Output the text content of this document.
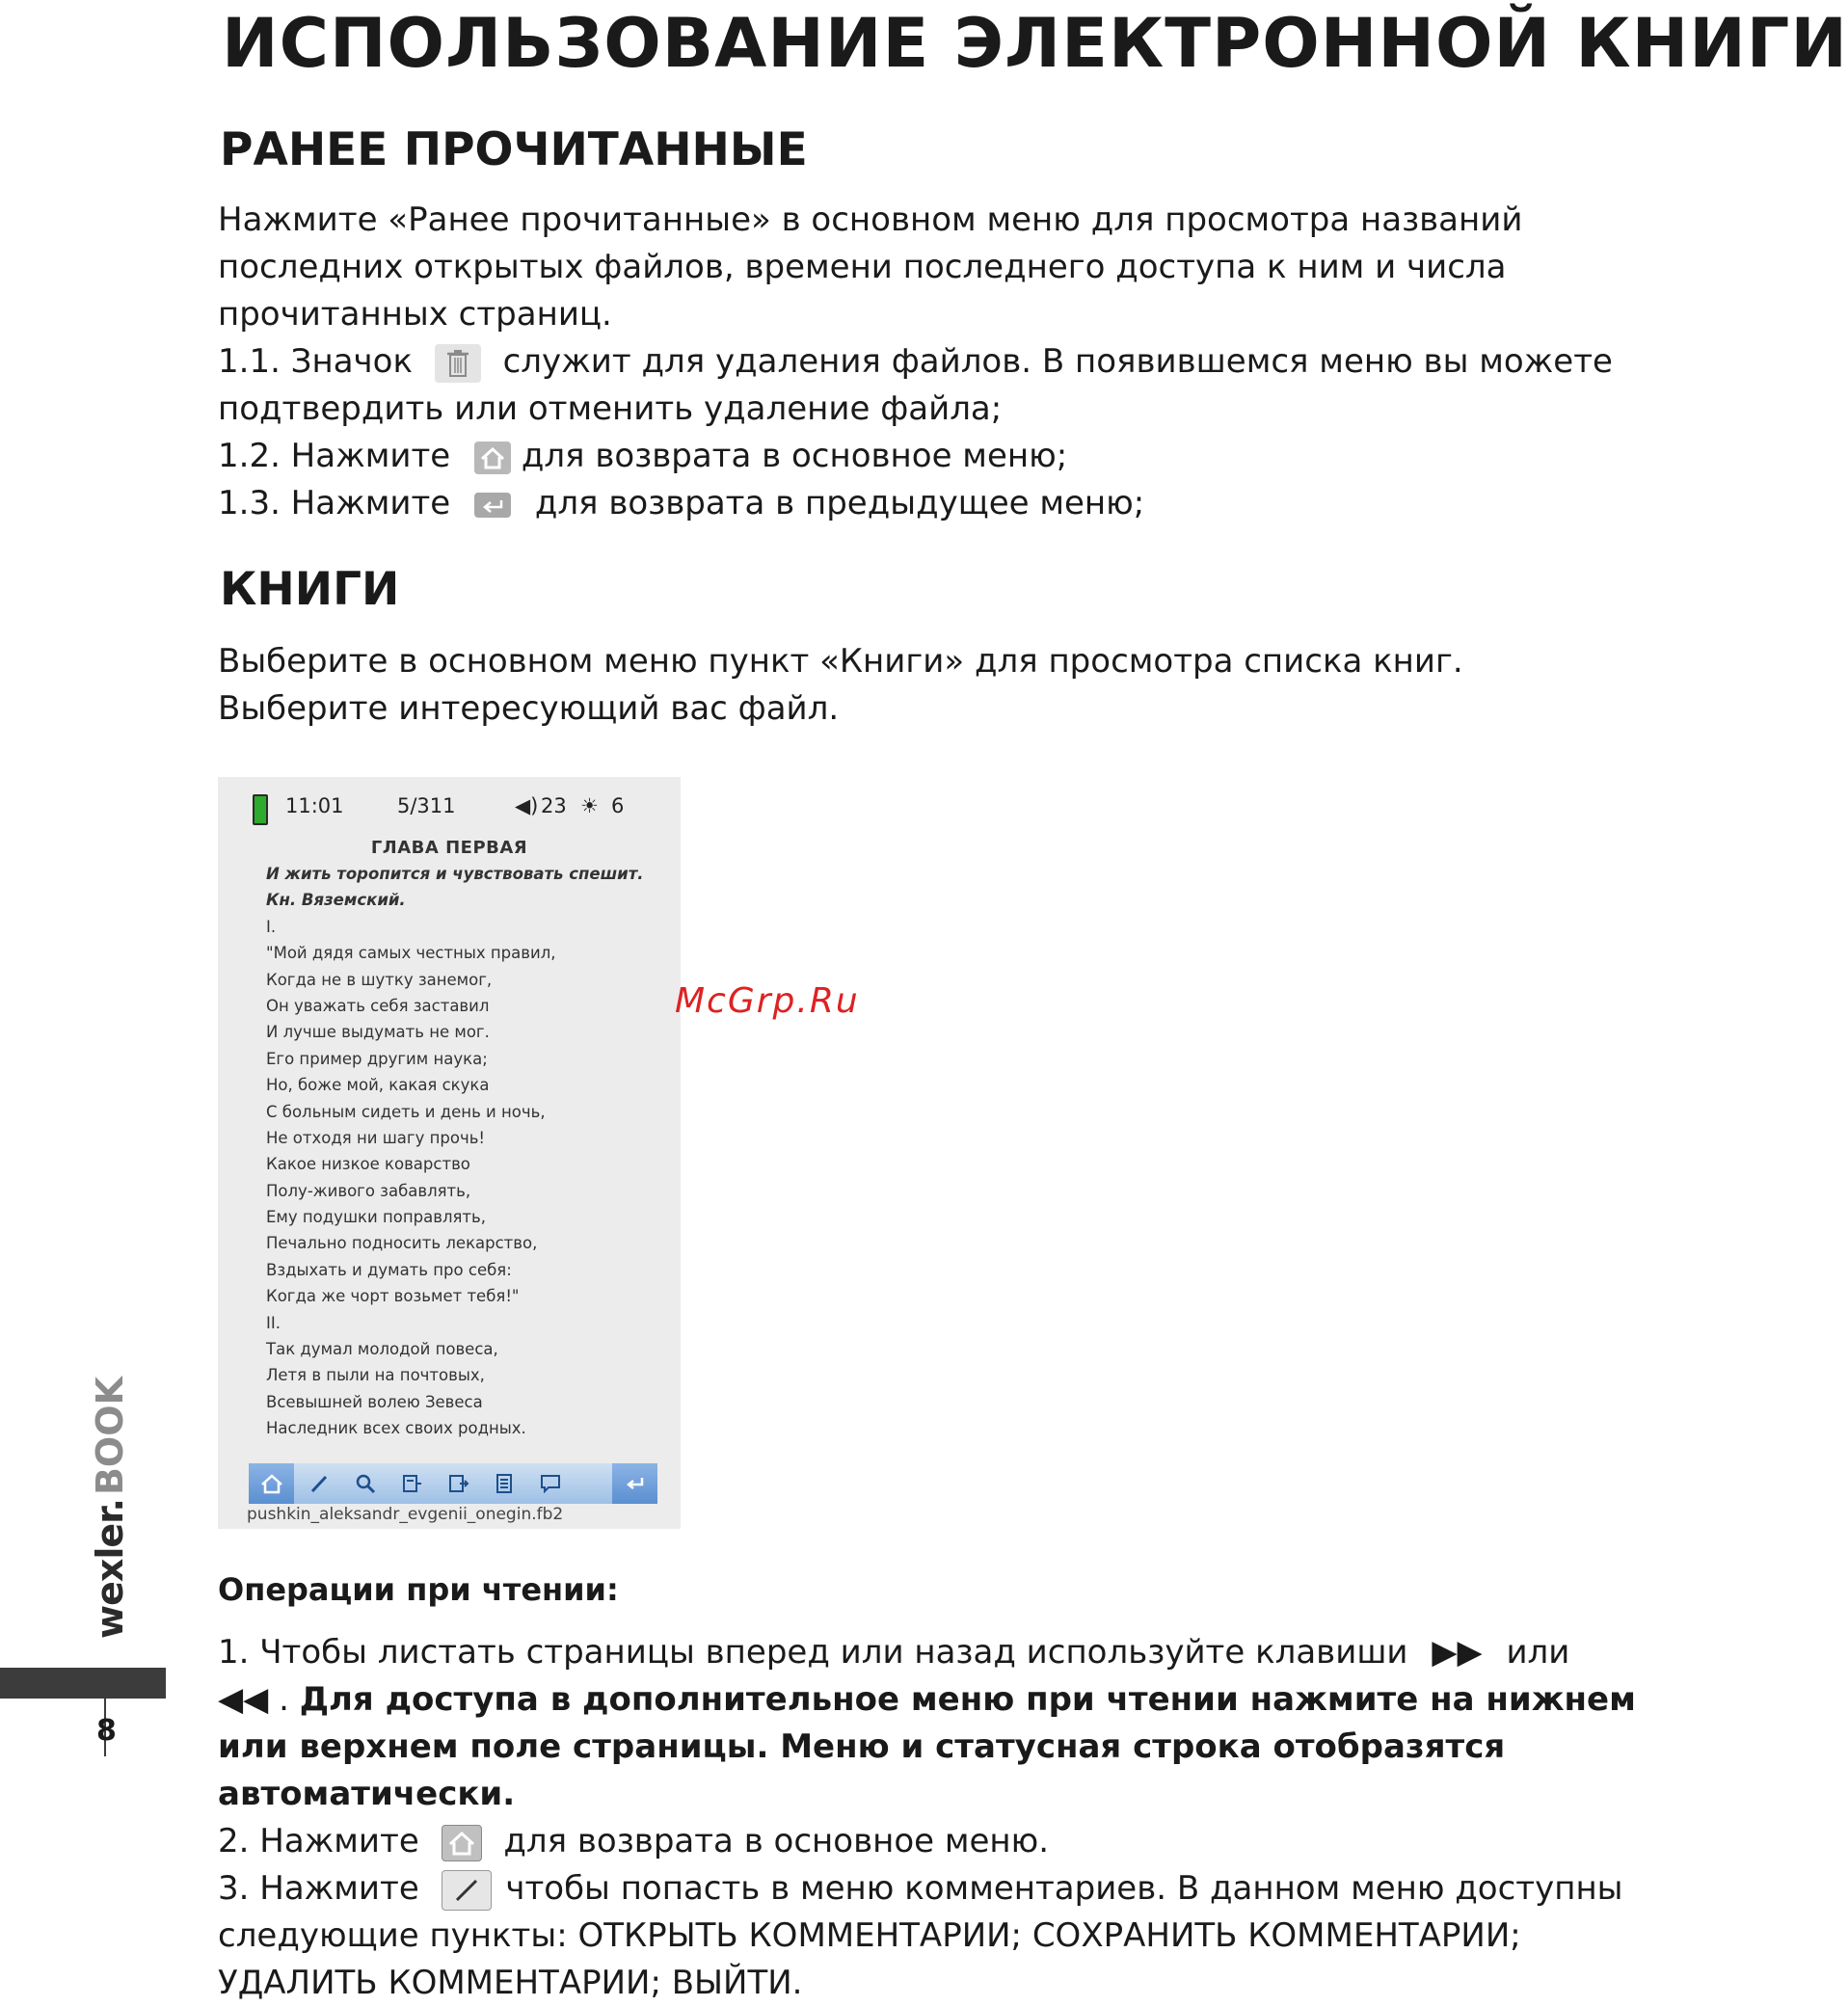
ИСПОЛЬЗОВАНИЕ ЭЛЕКТРОННОЙ КНИГИ
РАНЕЕ ПРОЧИТАННЫЕ
Нажмите «Ранее прочитанные» в основном меню для просмотра названий
последних открытых файлов, времени последнего доступа к ним и числа
прочитанных страниц.
1.1. Значок	служит для удаления файлов. В появившемся меню вы можете
подтвердить или отменить удаление файла;
1.2. Нажмите для возврата в основное меню;
1.3. Нажмите	для возврата в предыдущее меню;
КНИГИ
Выберите в основном меню пункт «Книги» для просмотра списка книг.
Выберите интересующий вас файл.
11:01	5/311	◀) 23 ☀ 6
ГЛАВА ПЕРВАЯ
И жить торопится и чувствовать спешит.
Кн. Вяземский.
I.
"Мой дядя самых честных правил,
Когда не в шутку занемог,
Он уважать себя заставил
И лучше выдумать не мог.
Его пример другим наука;
Но, боже мой, какая скука
С больным сидеть и день и ночь,
Не отходя ни шагу прочь!
Какое низкое коварство
Полу-живого забавлять,
Ему подушки поправлять,
Печально подносить лекарство,
Вздыхать и думать про себя:
Когда же чорт возьмет тебя!"
II.
Так думал молодой повеса,
Летя в пыли на почтовых,
Всевышней волею Зевеса
Наследник всех своих родных.
pushkin_aleksandr_evgenii_onegin.fb2
McGrp.Ru
Операции при чтении:
1. Чтобы листать страницы вперед или назад используйте клавиши ▶▶ или
◀◀ . Для доступа в дополнительное меню при чтении нажмите на нижнем
или верхнем поле страницы. Меню и статусная строка отобразятся
автоматически.
2. Нажмите	для возврата в основное меню.
3. Нажмите	чтобы попасть в меню комментариев. В данном меню доступны
следующие пункты: ОТКРЫТЬ КОММЕНТАРИИ; СОХРАНИТЬ КОММЕНТАРИИ;
УДАЛИТЬ КОММЕНТАРИИ; ВЫЙТИ.
wexler.BOOK
8
